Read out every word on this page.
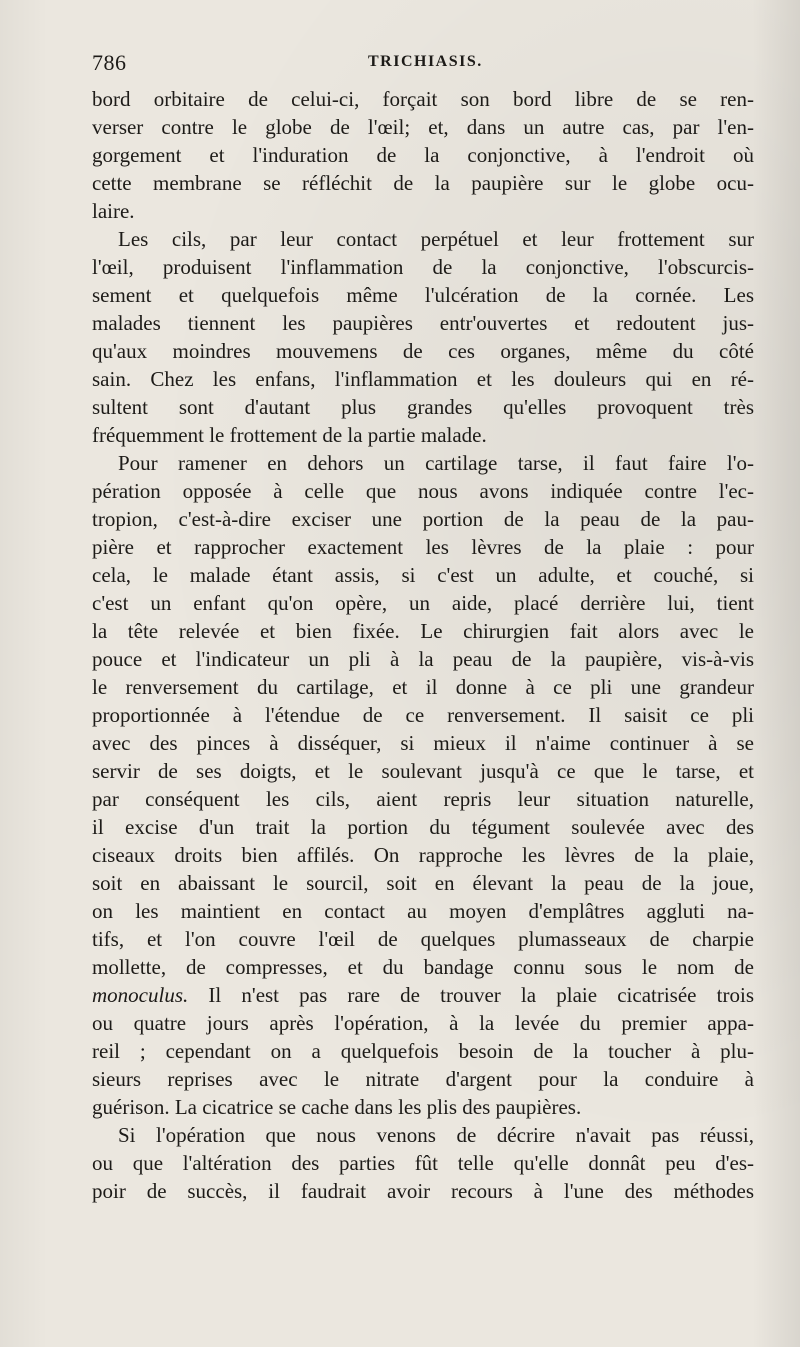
786	TRICHIASIS.
bord orbitaire de celui-ci, forçait son bord libre de se ren-
verser contre le globe de l'œil; et, dans un autre cas, par l'en-
gorgement et l'induration de la conjonctive, à l'endroit où
cette membrane se réfléchit de la paupière sur le globe ocu-
laire.
Les cils, par leur contact perpétuel et leur frottement sur
l'œil, produisent l'inflammation de la conjonctive, l'obscurcis-
sement et quelquefois même l'ulcération de la cornée. Les
malades tiennent les paupières entr'ouvertes et redoutent jus-
qu'aux moindres mouvemens de ces organes, même du côté
sain. Chez les enfans, l'inflammation et les douleurs qui en ré-
sultent sont d'autant plus grandes qu'elles provoquent très
fréquemment le frottement de la partie malade.
Pour ramener en dehors un cartilage tarse, il faut faire l'o-
pération opposée à celle que nous avons indiquée contre l'ec-
tropion, c'est-à-dire exciser une portion de la peau de la pau-
pière et rapprocher exactement les lèvres de la plaie : pour
cela, le malade étant assis, si c'est un adulte, et couché, si
c'est un enfant qu'on opère, un aide, placé derrière lui, tient
la tête relevée et bien fixée. Le chirurgien fait alors avec le
pouce et l'indicateur un pli à la peau de la paupière, vis-à-vis
le renversement du cartilage, et il donne à ce pli une grandeur
proportionnée à l'étendue de ce renversement. Il saisit ce pli
avec des pinces à disséquer, si mieux il n'aime continuer à se
servir de ses doigts, et le soulevant jusqu'à ce que le tarse, et
par conséquent les cils, aient repris leur situation naturelle,
il excise d'un trait la portion du tégument soulevée avec des
ciseaux droits bien affilés. On rapproche les lèvres de la plaie,
soit en abaissant le sourcil, soit en élevant la peau de la joue,
on les maintient en contact au moyen d'emplâtres aggluti na-
tifs, et l'on couvre l'œil de quelques plumasseaux de charpie
mollette, de compresses, et du bandage connu sous le nom de
monoculus. Il n'est pas rare de trouver la plaie cicatrisée trois
ou quatre jours après l'opération, à la levée du premier appa-
reil ; cependant on a quelquefois besoin de la toucher à plu-
sieurs reprises avec le nitrate d'argent pour la conduire à
guérison. La cicatrice se cache dans les plis des paupières.
Si l'opération que nous venons de décrire n'avait pas réussi,
ou que l'altération des parties fût telle qu'elle donnât peu d'es-
poir de succès, il faudrait avoir recours à l'une des méthodes
